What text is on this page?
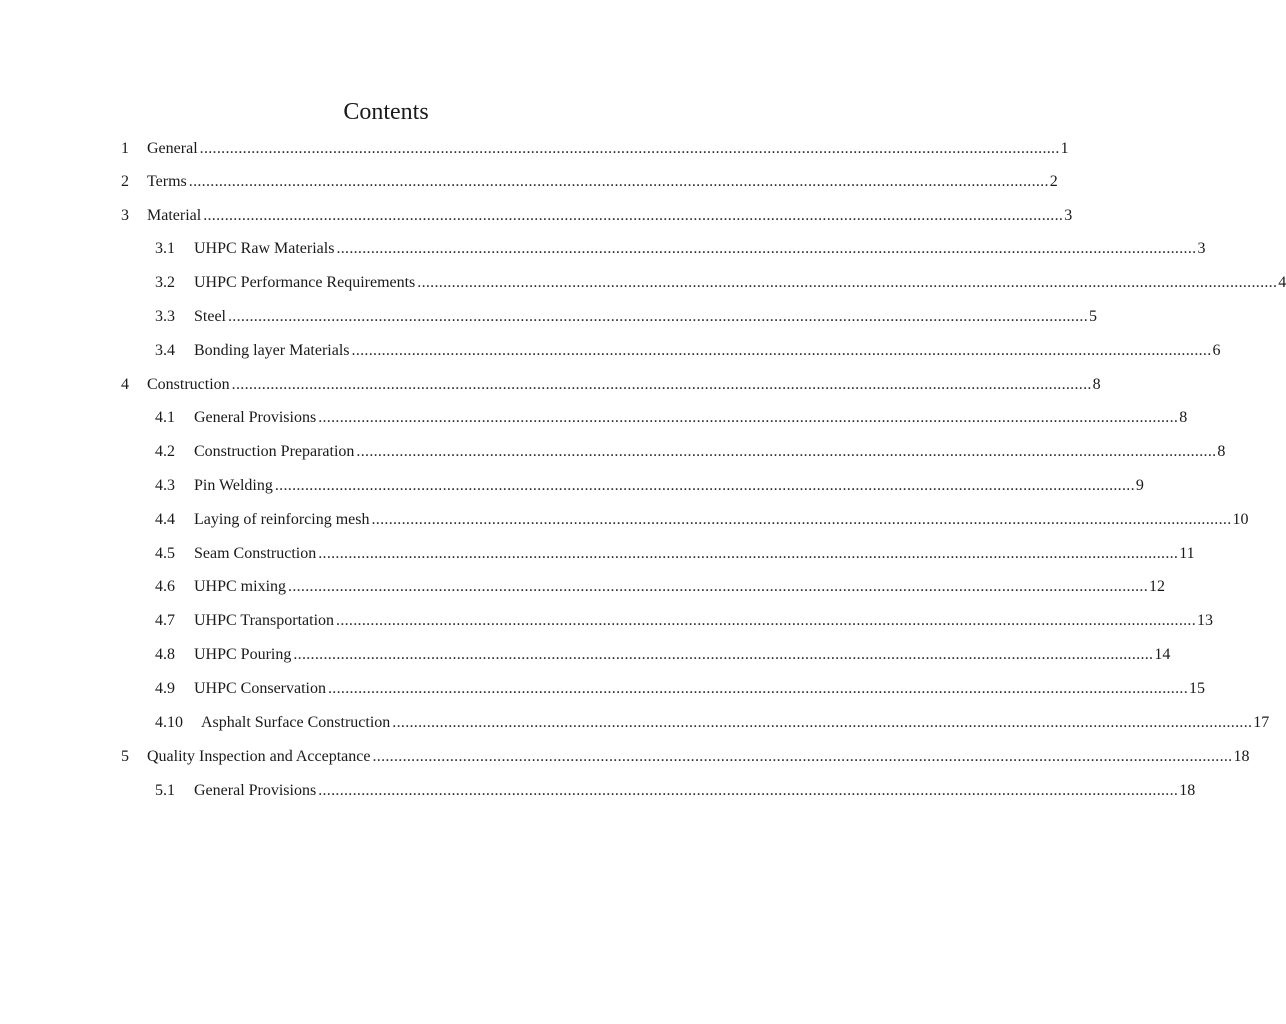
Contents
1 General ........................................................................................................................................................................................................ 1
2 Terms ........................................................................................................................................................................................................ 2
3 Material ........................................................................................................................................................................................................ 3
3.1 UHPC Raw Materials ........................................................................................................................................................................................................ 3
3.2 UHPC Performance Requirements ........................................................................................................................................................................................................ 4
3.3 Steel ........................................................................................................................................................................................................ 5
3.4 Bonding layer Materials ........................................................................................................................................................................................................ 6
4 Construction ........................................................................................................................................................................................................ 8
4.1 General Provisions ........................................................................................................................................................................................................ 8
4.2 Construction Preparation ........................................................................................................................................................................................................ 8
4.3 Pin Welding ........................................................................................................................................................................................................ 9
4.4 Laying of reinforcing mesh ........................................................................................................................................................................................................ 10
4.5 Seam Construction ........................................................................................................................................................................................................ 11
4.6 UHPC mixing ........................................................................................................................................................................................................ 12
4.7 UHPC Transportation ........................................................................................................................................................................................................ 13
4.8 UHPC Pouring ........................................................................................................................................................................................................ 14
4.9 UHPC Conservation ........................................................................................................................................................................................................ 15
4.10 Asphalt Surface Construction ........................................................................................................................................................................................................ 17
5 Quality Inspection and Acceptance ........................................................................................................................................................................................................ 18
5.1 General Provisions ........................................................................................................................................................................................................ 18
